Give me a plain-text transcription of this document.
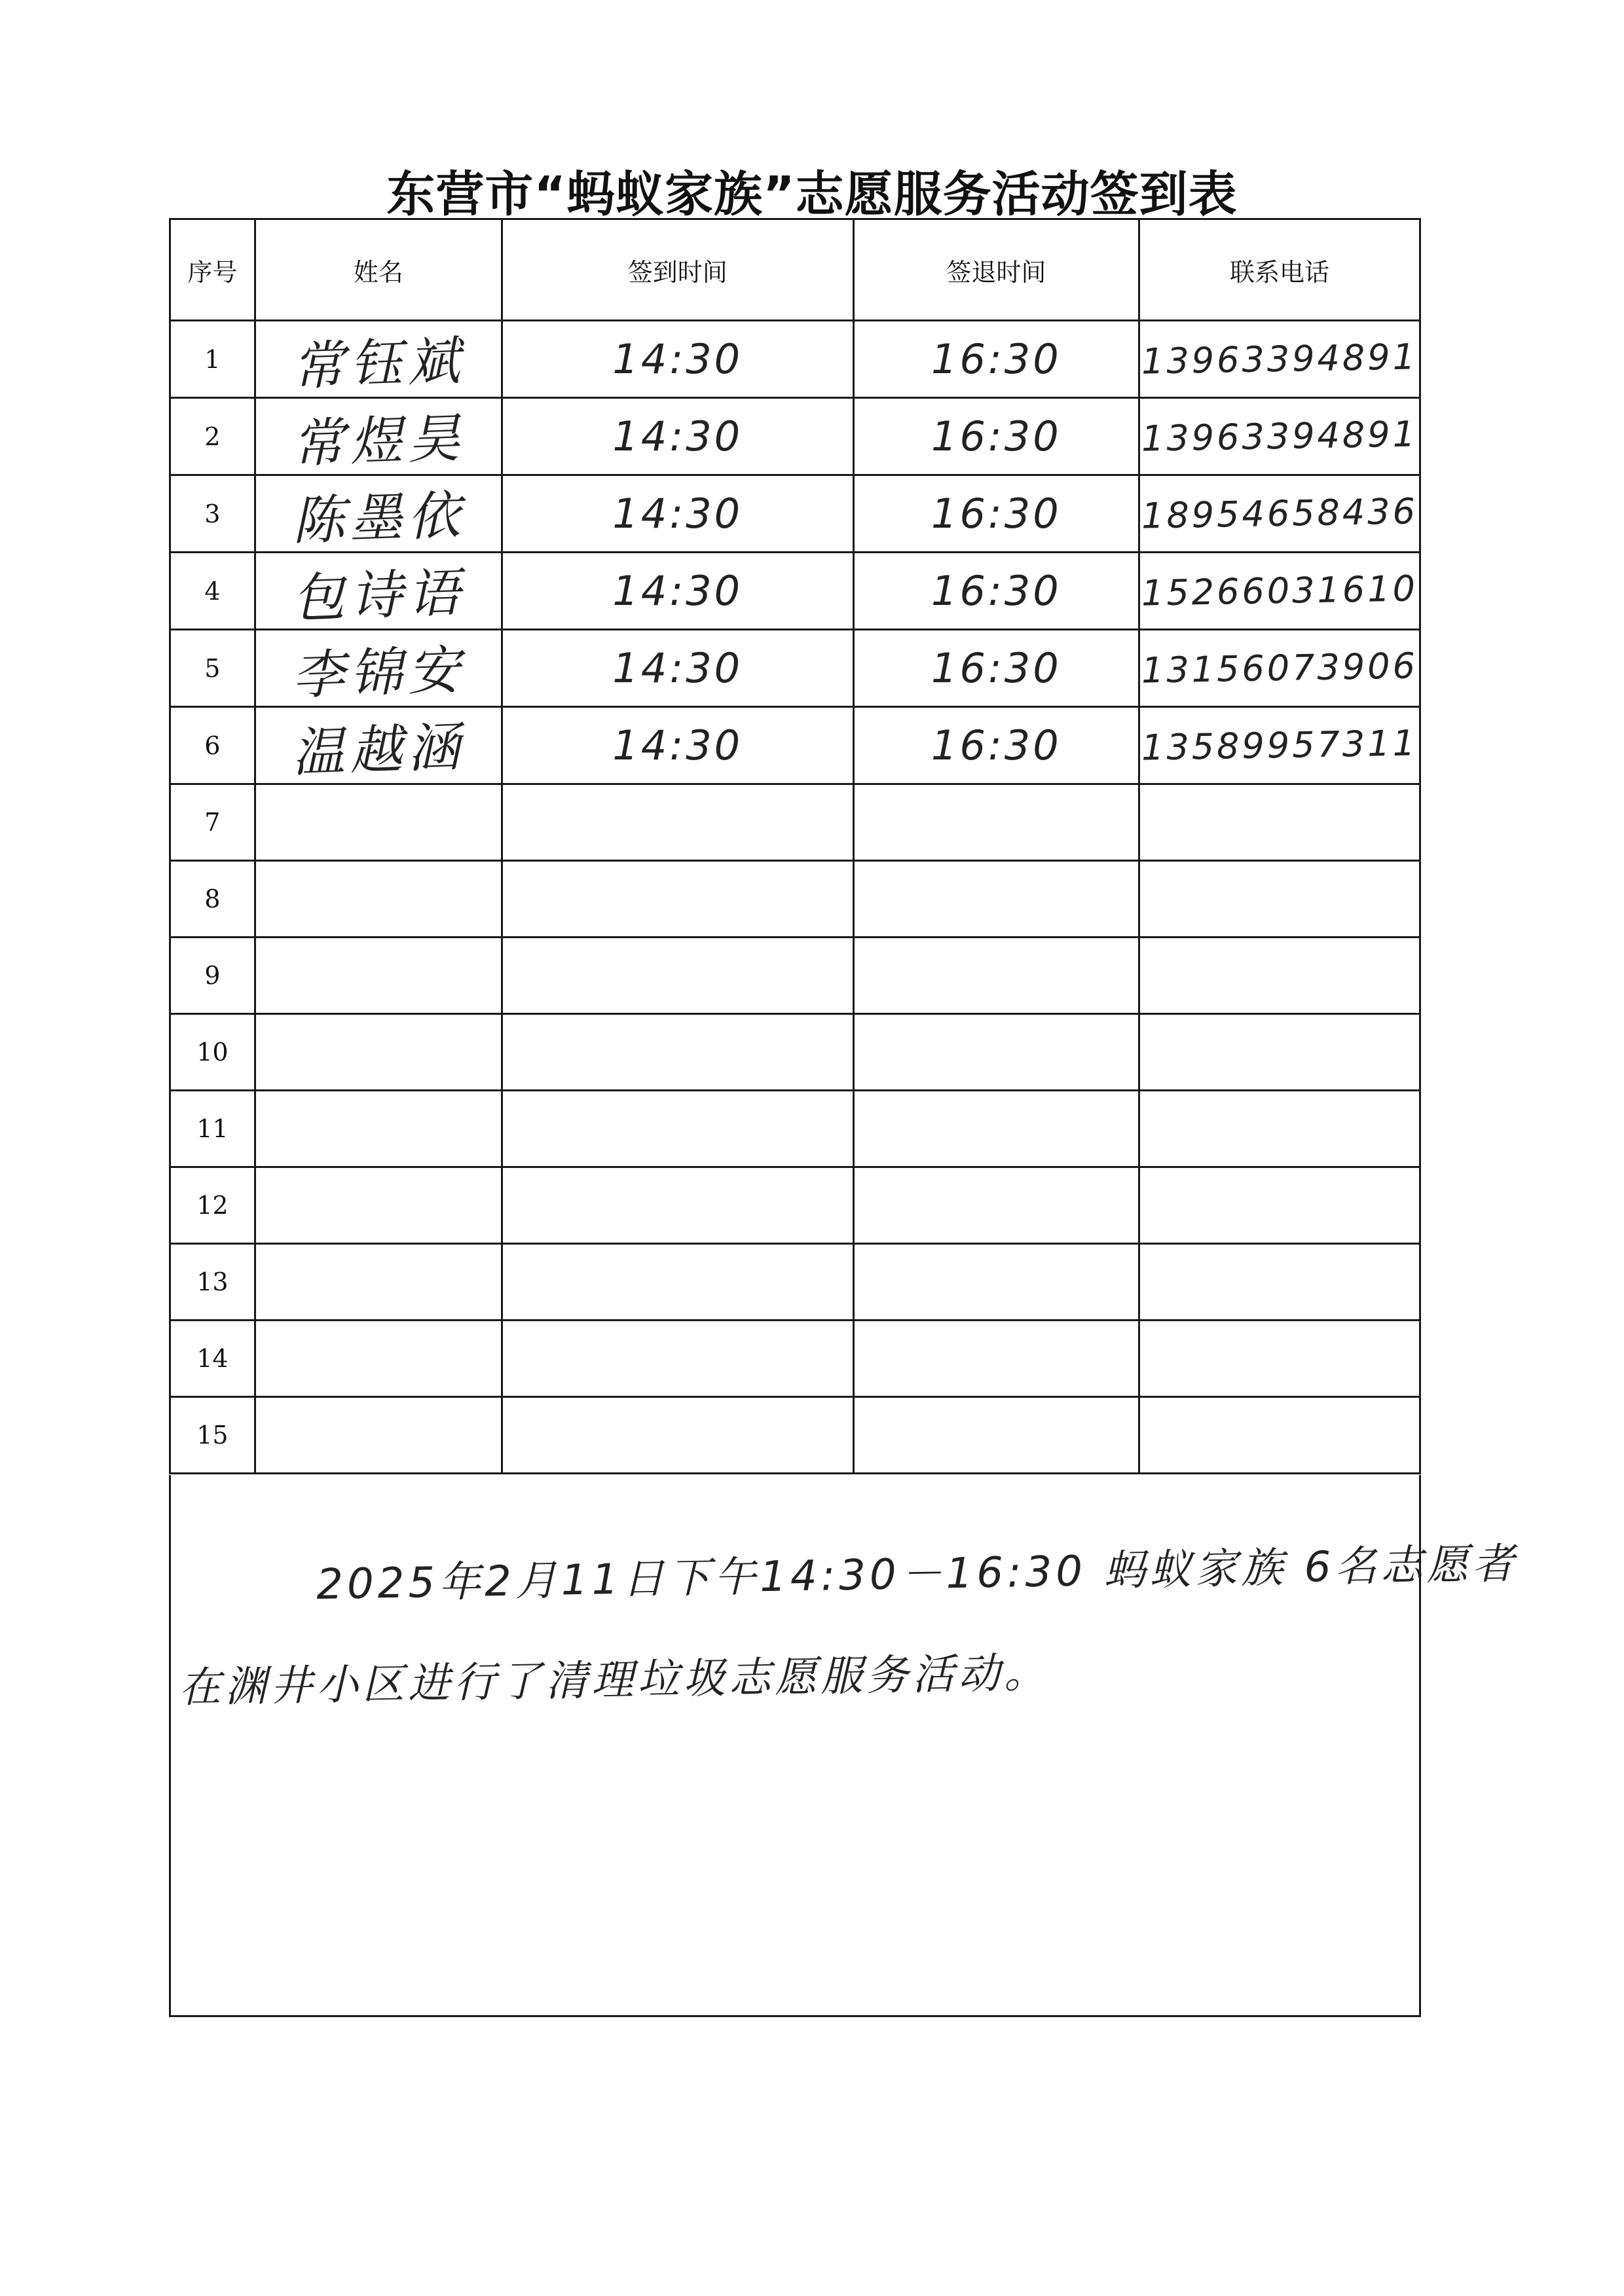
东营市“蚂蚁家族”志愿服务活动签到表
序号	姓名	签到时间	签退时间	联系电话
1	常钰斌	14:30	16:30	13963394891
2	常煜昊	14:30	16:30	13963394891
3	陈墨依	14:30	16:30	18954658436
4	包诗语	14:30	16:30	15266031610
5	李锦安	14:30	16:30	13156073906
6	温越涵	14:30	16:30	13589957311
7				
8				
9				
10				
11				
12				
13				
14				
15				
2025年2月11日下午14:30－16:30 蚂蚁家族 6名志愿者
在渊井小区进行了清理垃圾志愿服务活动。
